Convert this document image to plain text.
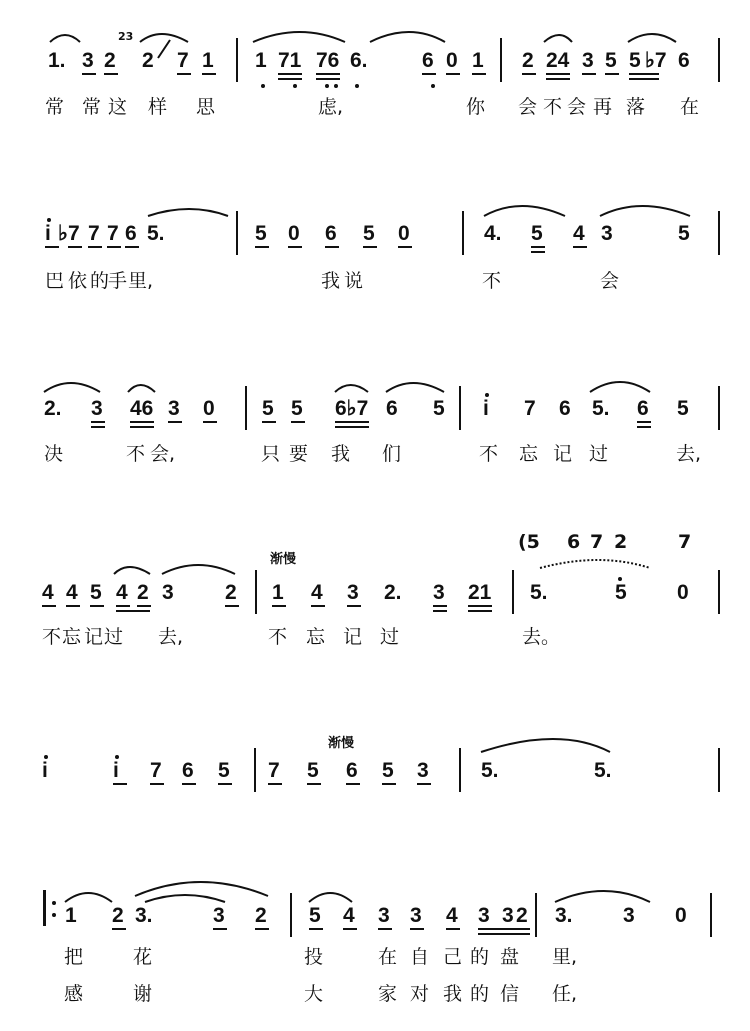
1. 3 2 2 7 1 1 71 76 6.	6 0 1 2 24 3 5 5 ♭7 6
常 常 这 样 思	虑,	你 会 不 会 再 落 在
23
i ♭ 7 7 7 6 5.	5 0 6 5 0	4. 5 4 3	5
巴 依 的
手 里,	我 说	不	会
2. 3 46 3 0 5 5 6♭7 6 5 i 7 6 5. 6 5
决	不 会,	只 要 我 们	不 忘 记 过	去,
4 4 5 4 2 3 2 1 4 3 2. 3 21 5.	5 0
不 忘 记 过 去,	不 忘 记 过	去。
渐慢
(5 6 7 2	7
i	i 7 6 5 7 5 6 5 3 5.	5.
渐慢
1 2 3.	3 2 5 4 3 3 4 3 3 2 3. 3 0
把	花	投	在 自 己 的 盘 里,
感	谢	大	家 对 我 的 信 任,
